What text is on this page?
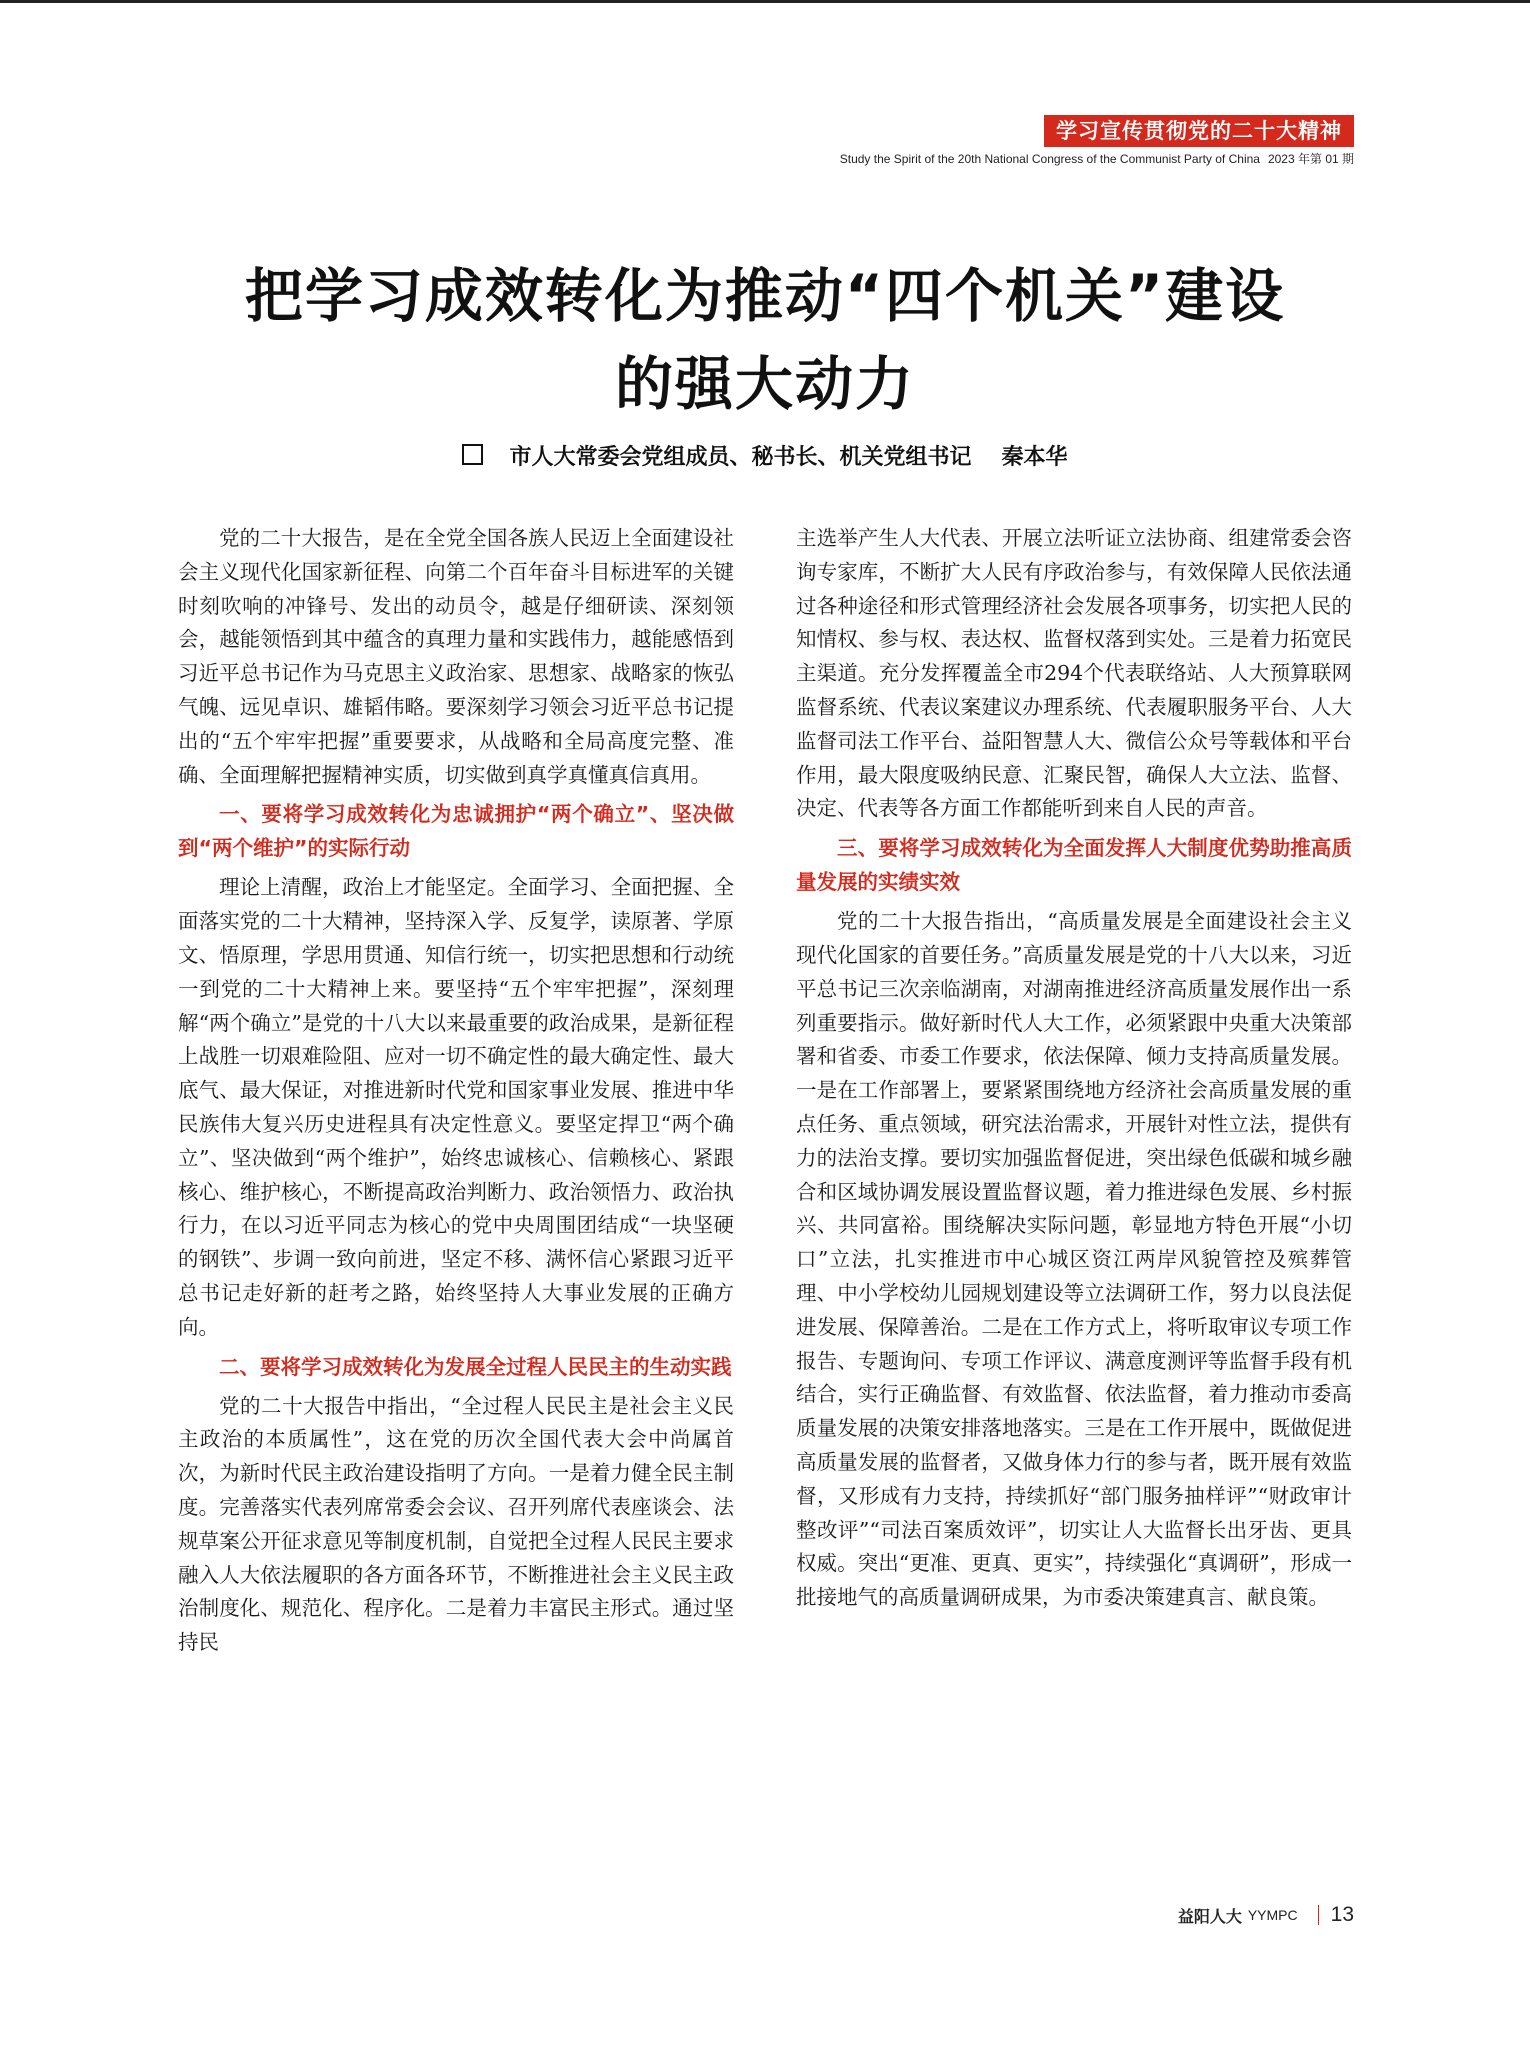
学习宣传贯彻党的二十大精神
Study the Spirit of the 20th National Congress of the Communist Party of China 2023 年第 01 期
把学习成效转化为推动“四个机关”建设
的强大动力
市人大常委会党组成员、秘书长、机关党组书记 秦本华

党的二十大报告，是在全党全国各族人民迈上全面建设社会主义现代化国家新征程、向第二个百年奋斗目标进军的关键时刻吹响的冲锋号、发出的动员令，越是仔细研读、深刻领会，越能领悟到其中蕴含的真理力量和实践伟力，越能感悟到习近平总书记作为马克思主义政治家、思想家、战略家的恢弘气魄、远见卓识、雄韬伟略。要深刻学习领会习近平总书记提出的“五个牢牢把握”重要要求，从战略和全局高度完整、准确、全面理解把握精神实质，切实做到真学真懂真信真用。

一、要将学习成效转化为忠诚拥护“两个确立”、坚决做到“两个维护”的实际行动

理论上清醒，政治上才能坚定。全面学习、全面把握、全面落实党的二十大精神，坚持深入学、反复学，读原著、学原文、悟原理，学思用贯通、知信行统一，切实把思想和行动统一到党的二十大精神上来。要坚持“五个牢牢把握”，深刻理解“两个确立”是党的十八大以来最重要的政治成果，是新征程上战胜一切艰难险阻、应对一切不确定性的最大确定性、最大底气、最大保证，对推进新时代党和国家事业发展、推进中华民族伟大复兴历史进程具有决定性意义。要坚定捍卫“两个确立”、坚决做到“两个维护”，始终忠诚核心、信赖核心、紧跟核心、维护核心，不断提高政治判断力、政治领悟力、政治执行力，在以习近平同志为核心的党中央周围团结成“一块坚硬的钢铁”、步调一致向前进，坚定不移、满怀信心紧跟习近平总书记走好新的赶考之路，始终坚持人大事业发展的正确方向。

二、要将学习成效转化为发展全过程人民民主的生动实践

党的二十大报告中指出，“全过程人民民主是社会主义民主政治的本质属性”，这在党的历次全国代表大会中尚属首次，为新时代民主政治建设指明了方向。一是着力健全民主制度。完善落实代表列席常委会会议、召开列席代表座谈会、法规草案公开征求意见等制度机制，自觉把全过程人民民主要求融入人大依法履职的各方面各环节，不断推进社会主义民主政治制度化、规范化、程序化。二是着力丰富民主形式。通过坚持民

主选举产生人大代表、开展立法听证立法协商、组建常委会咨询专家库，不断扩大人民有序政治参与，有效保障人民依法通过各种途径和形式管理经济社会发展各项事务，切实把人民的知情权、参与权、表达权、监督权落到实处。三是着力拓宽民主渠道。充分发挥覆盖全市294个代表联络站、人大预算联网监督系统、代表议案建议办理系统、代表履职服务平台、人大监督司法工作平台、益阳智慧人大、微信公众号等载体和平台作用，最大限度吸纳民意、汇聚民智，确保人大立法、监督、决定、代表等各方面工作都能听到来自人民的声音。

三、要将学习成效转化为全面发挥人大制度优势助推高质量发展的实绩实效

党的二十大报告指出，“高质量发展是全面建设社会主义现代化国家的首要任务。”高质量发展是党的十八大以来，习近平总书记三次亲临湖南，对湖南推进经济高质量发展作出一系列重要指示。做好新时代人大工作，必须紧跟中央重大决策部署和省委、市委工作要求，依法保障、倾力支持高质量发展。一是在工作部署上，要紧紧围绕地方经济社会高质量发展的重点任务、重点领域，研究法治需求，开展针对性立法，提供有力的法治支撑。要切实加强监督促进，突出绿色低碳和城乡融合和区域协调发展设置监督议题，着力推进绿色发展、乡村振兴、共同富裕。围绕解决实际问题，彰显地方特色开展“小切口”立法，扎实推进市中心城区资江两岸风貌管控及殡葬管理、中小学校幼儿园规划建设等立法调研工作，努力以良法促进发展、保障善治。二是在工作方式上，将听取审议专项工作报告、专题询问、专项工作评议、满意度测评等监督手段有机结合，实行正确监督、有效监督、依法监督，着力推动市委高质量发展的决策安排落地落实。三是在工作开展中，既做促进高质量发展的监督者，又做身体力行的参与者，既开展有效监督，又形成有力支持，持续抓好“部门服务抽样评”“财政审计整改评”“司法百案质效评”，切实让人大监督长出牙齿、更具权威。突出“更准、更真、更实”，持续强化“真调研”，形成一批接地气的高质量调研成果，为市委决策建真言、献良策。

益阳人大 YYMPC 13
